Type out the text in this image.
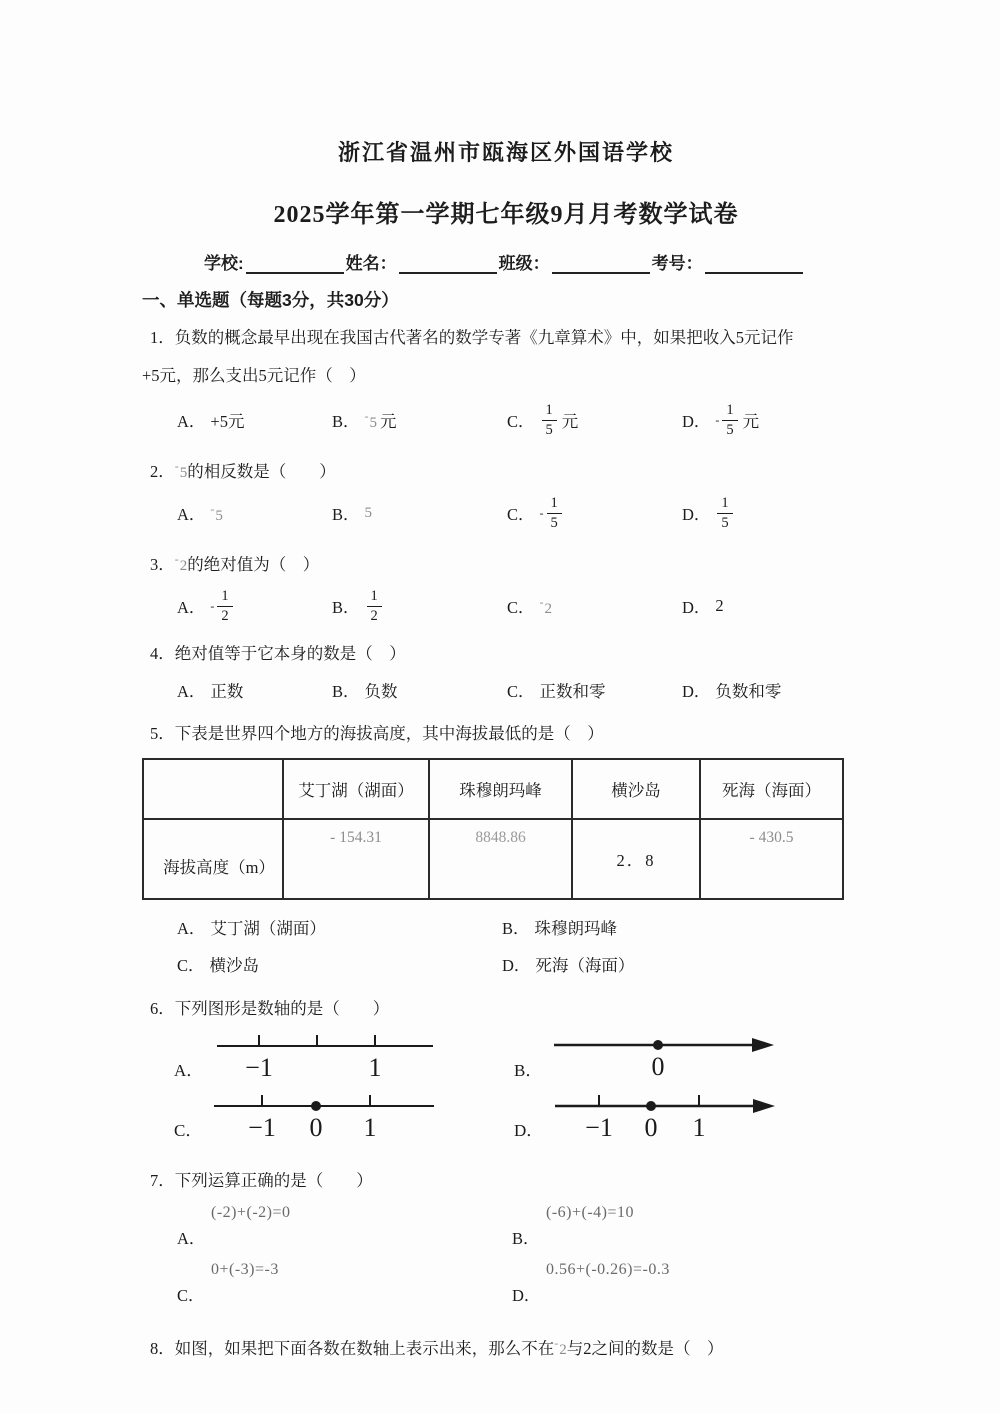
浙江省温州市瓯海区外国语学校
2025学年第一学期七年级9月月考数学试卷
学校:	姓名：	班级：	考号：
一、单选题（每题3分，共30分）
1．负数的概念最早出现在我国古代著名的数学专著《九章算术》中，如果把收入5元记作
+5元，那么支出5元记作（　）
A． +5元	B． -5 元	C． $\frac{1}{5}$ 元	D． - $\frac{1}{5}$ 元
2．-5的相反数是（　　）
A． -5	B． 5	C． - $\frac{1}{5}$	D． $\frac{1}{5}$
3．-2的绝对值为（　）
A． - $\frac{1}{2}$	B． $\frac{1}{2}$	C． -2	D． 2
4．绝对值等于它本身的数是（　）
A． 正数	B． 负数	C． 正数和零	D． 负数和零
5．下表是世界四个地方的海拔高度，其中海拔最低的是（　）
	艾丁湖（湖面）	珠穆朗玛峰	横沙岛	死海（海面）
海拔高度（m）	- 154.31	8848.86	2．8	- 430.5
A． 艾丁湖（湖面）	B． 珠穆朗玛峰
C． 横沙岛	D． 死海（海面）
6．下列图形是数轴的是（　　）
A． −1	1	B．	0
C． −1 0 1	D． −1 0 1
7．下列运算正确的是（　　）
(-2)+(-2)=0
A．
(-6)+(-4)=10
B．
0+(-3)=-3
C．
0.56+(-0.26)=-0.3
D．
8．如图，如果把下面各数在数轴上表示出来，那么不在-2与2之间的数是（　）
